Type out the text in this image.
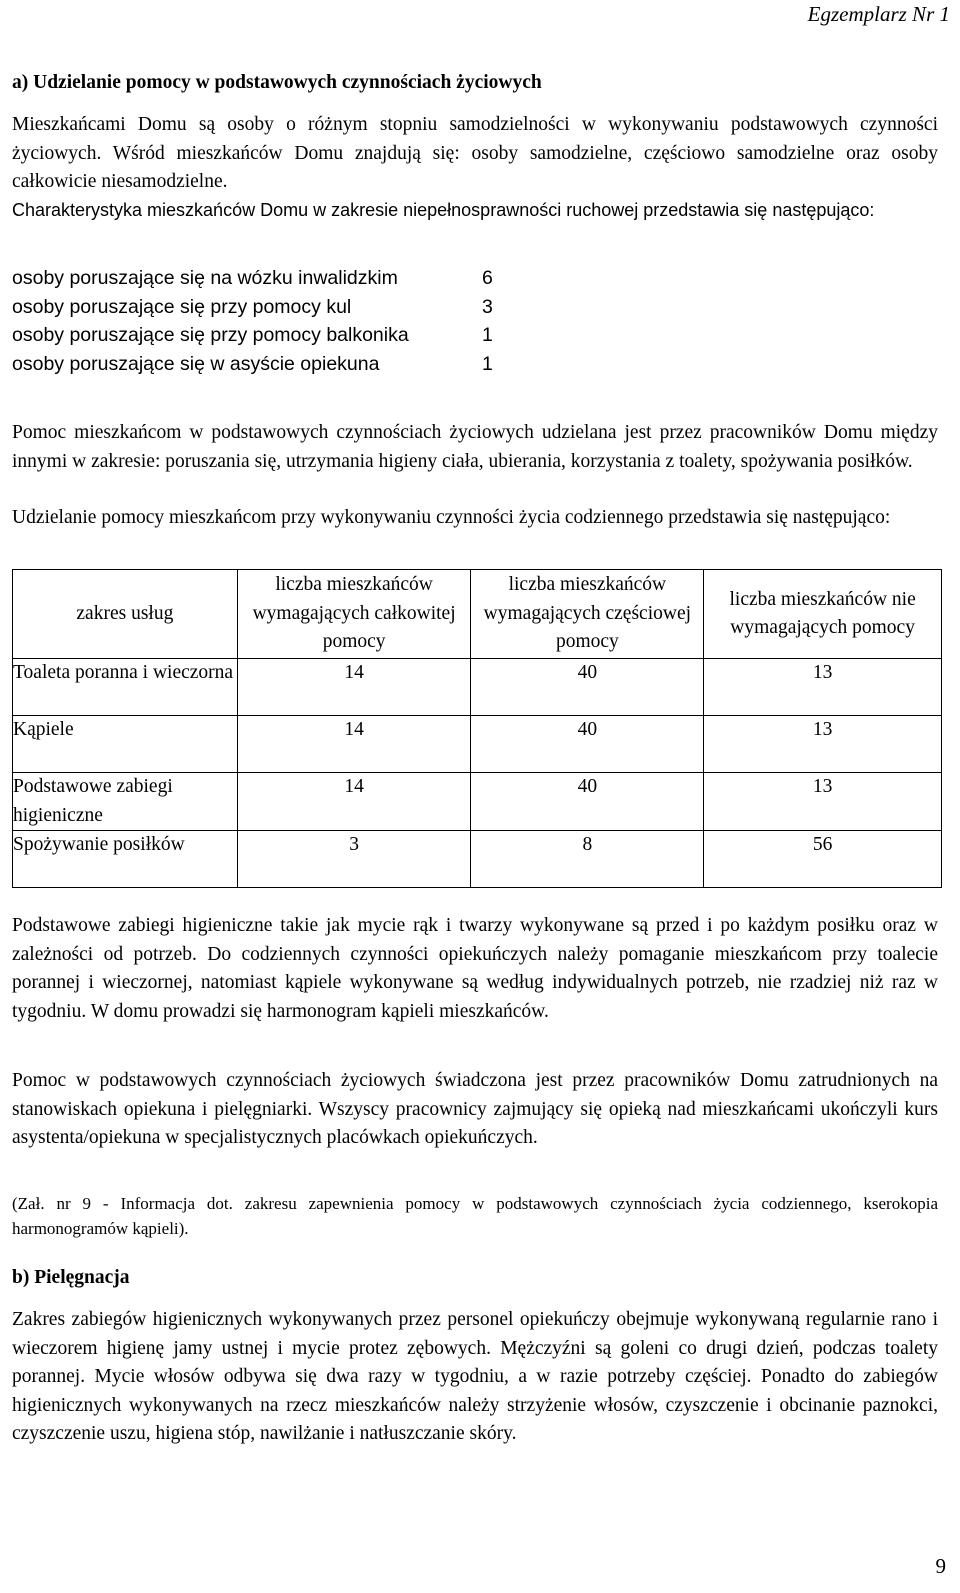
Egzemplarz Nr 1
a) Udzielanie pomocy w podstawowych czynnościach życiowych

Mieszkańcami Domu są osoby o różnym stopniu samodzielności w wykonywaniu podstawowych czynności życiowych. Wśród mieszkańców Domu znajdują się: osoby samodzielne, częściowo samodzielne oraz osoby całkowicie niesamodzielne.

Charakterystyka mieszkańców Domu w zakresie niepełnosprawności ruchowej przedstawia się następująco:

osoby poruszające się na wózku inwalidzkim	6
osoby poruszające się przy pomocy kul	3
osoby poruszające się przy pomocy balkonika	1
osoby poruszające się w asyście opiekuna	1

Pomoc mieszkańcom w podstawowych czynnościach życiowych udzielana jest przez pracowników Domu między innymi w zakresie: poruszania się, utrzymania higieny ciała, ubierania, korzystania z toalety, spożywania posiłków.

Udzielanie pomocy mieszkańcom przy wykonywaniu czynności życia codziennego przedstawia się następująco:

zakres usług	liczba mieszkańców wymagających całkowitej pomocy	liczba mieszkańców wymagających częściowej pomocy	liczba mieszkańców nie wymagających pomocy
Toaleta poranna i wieczorna	14	40	13
Kąpiele	14	40	13
Podstawowe zabiegi higieniczne	14	40	13
Spożywanie posiłków	3	8	56

Podstawowe zabiegi higieniczne takie jak mycie rąk i twarzy wykonywane są przed i po każdym posiłku oraz w zależności od potrzeb. Do codziennych czynności opiekuńczych należy pomaganie mieszkańcom przy toalecie porannej i wieczornej, natomiast kąpiele wykonywane są według indywidualnych potrzeb, nie rzadziej niż raz w tygodniu. W domu prowadzi się harmonogram kąpieli mieszkańców.

Pomoc w podstawowych czynnościach życiowych świadczona jest przez pracowników Domu zatrudnionych na stanowiskach opiekuna i pielęgniarki. Wszyscy pracownicy zajmujący się opieką nad mieszkańcami ukończyli kurs asystenta/opiekuna w specjalistycznych placówkach opiekuńczych.

(Zał. nr 9 - Informacja dot. zakresu zapewnienia pomocy w podstawowych czynnościach życia codziennego, kserokopia harmonogramów kąpieli).

b) Pielęgnacja

Zakres zabiegów higienicznych wykonywanych przez personel opiekuńczy obejmuje wykonywaną regularnie rano i wieczorem higienę jamy ustnej i mycie protez zębowych. Mężczyźni są goleni co drugi dzień, podczas toalety porannej. Mycie włosów odbywa się dwa razy w tygodniu, a w razie potrzeby częściej. Ponadto do zabiegów higienicznych wykonywanych na rzecz mieszkańców należy strzyżenie włosów, czyszczenie i obcinanie paznokci, czyszczenie uszu, higiena stóp, nawilżanie i natłuszczanie skóry.

9
